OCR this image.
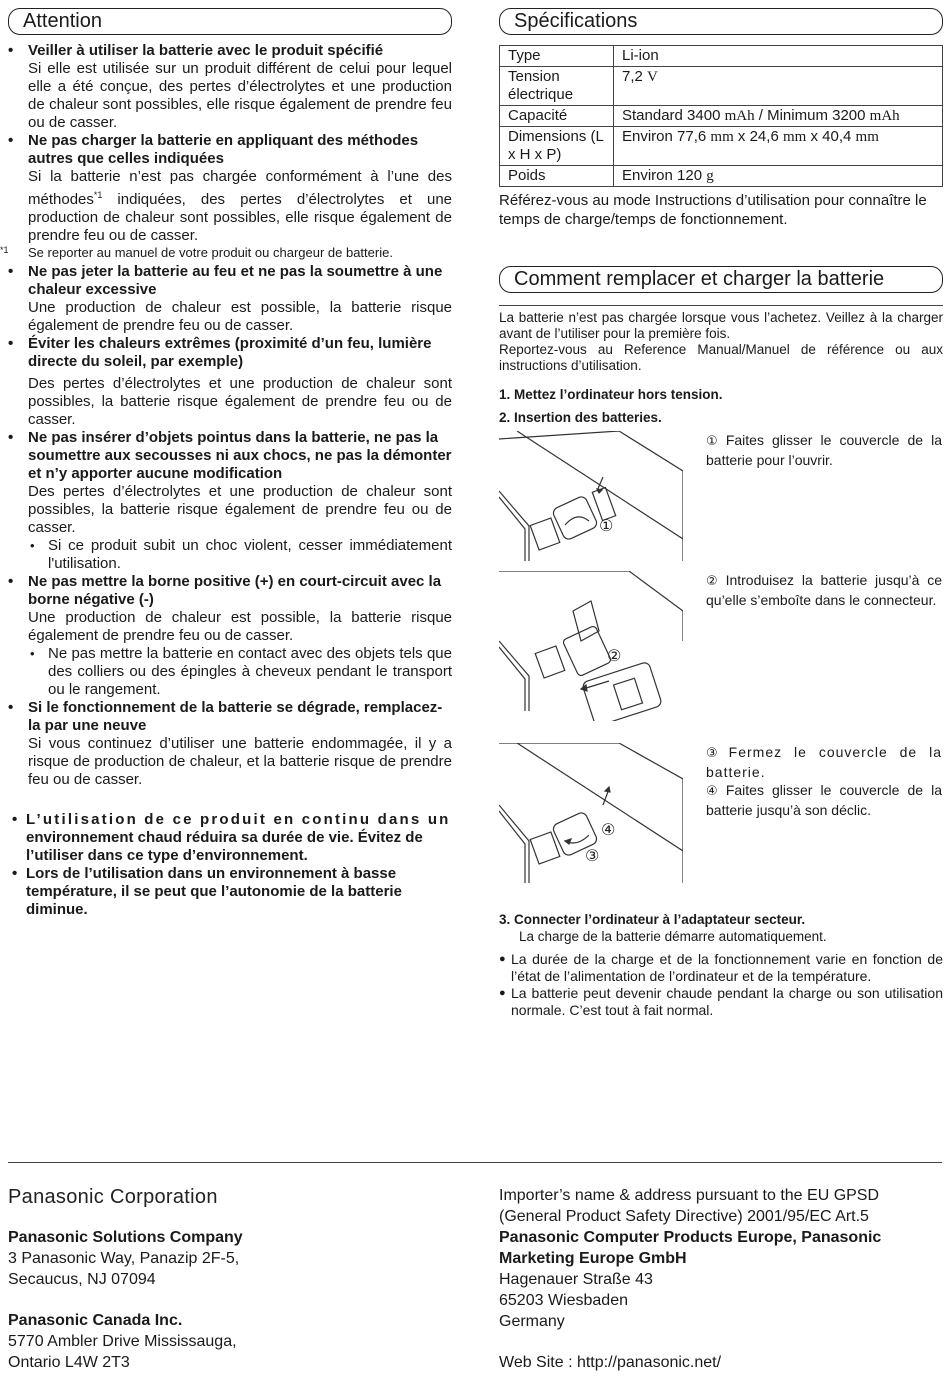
Attention
• Veiller à utiliser la batterie avec le produit spécifié
Si elle est utilisée sur un produit différent de celui pour lequel elle a été conçue, des pertes d’électrolytes et une production de chaleur sont possibles, elle risque également de prendre feu ou de casser.
• Ne pas charger la batterie en appliquant des méthodes autres que celles indiquées
Si la batterie n’est pas chargée conformément à l’une des méthodes$^{*1}$ indiquées, des pertes d’électrolytes et une production de chaleur sont possibles, elle risque également de prendre feu ou de casser.
*1 Se reporter au manuel de votre produit ou chargeur de batterie.
• Ne pas jeter la batterie au feu et ne pas la soumettre à une chaleur excessive
Une production de chaleur est possible, la batterie risque également de prendre feu ou de casser.
• Éviter les chaleurs extrêmes (proximité d’un feu, lumière directe du soleil, par exemple)
Des pertes d’électrolytes et une production de chaleur sont possibles, la batterie risque également de prendre feu ou de casser.
• Ne pas insérer d’objets pointus dans la batterie, ne pas la soumettre aux secousses ni aux chocs, ne pas la démonter et n’y apporter aucune modification
Des pertes d’électrolytes et une production de chaleur sont possibles, la batterie risque également de prendre feu ou de casser.
• Si ce produit subit un choc violent, cesser immédiatement l'utilisation.
• Ne pas mettre la borne positive (+) en court-circuit avec la borne négative (-)
Une production de chaleur est possible, la batterie risque également de prendre feu ou de casser.
• Ne pas mettre la batterie en contact avec des objets tels que des colliers ou des épingles à cheveux pendant le transport ou le rangement.
• Si le fonctionnement de la batterie se dégrade, remplacez-la par une neuve
Si vous continuez d’utiliser une batterie endommagée, il y a risque de production de chaleur, et la batterie risque de prendre feu ou de casser.
• L’utilisation de ce produit en continu dans un environnement chaud réduira sa durée de vie. Évitez de l’utiliser dans ce type d’environnement.
• Lors de l’utilisation dans un environnement à basse température, il se peut que l’autonomie de la batterie diminue.
Spécifications
Type	Li-ion
Tension électrique	7,2 V
Capacité	Standard 3400 mAh / Minimum 3200 mAh
Dimensions (L x H x P)	Environ 77,6 mm x 24,6 mm x 40,4 mm
Poids	Environ 120 g
Référez-vous au mode Instructions d’utilisation pour connaître le temps de charge/temps de fonctionnement.
Comment remplacer et charger la batterie
La batterie n’est pas chargée lorsque vous l’achetez. Veillez à la charger avant de l’utiliser pour la première fois.
Reportez-vous au Reference Manual/Manuel de référence ou aux instructions d’utilisation.
1. Mettez l’ordinateur hors tension.
2. Insertion des batteries.
①
① Faites glisser le couvercle de la batterie pour l’ouvrir.
②
② Introduisez la batterie jusqu’à ce qu’elle s’emboîte dans le connecteur.
④
③
③ Fermez le couvercle de la batterie.
④ Faites glisser le couvercle de la batterie jusqu’à son déclic.
3. Connecter l’ordinateur à l’adaptateur secteur.
La charge de la batterie démarre automatiquement.
● La durée de la charge et de la fonctionnement varie en fonction de l’état de l’alimentation de l’ordinateur et de la température.
● La batterie peut devenir chaude pendant la charge ou son utilisation normale. C’est tout à fait normal.
Panasonic Corporation
Panasonic Solutions Company
3 Panasonic Way, Panazip 2F-5,
Secaucus, NJ 07094
Panasonic Canada Inc.
5770 Ambler Drive Mississauga,
Ontario L4W 2T3
Importer’s name & address pursuant to the EU GPSD
(General Product Safety Directive) 2001/95/EC Art.5
Panasonic Computer Products Europe, Panasonic Marketing Europe GmbH
Hagenauer Straße 43
65203 Wiesbaden
Germany
Web Site : http://panasonic.net/
